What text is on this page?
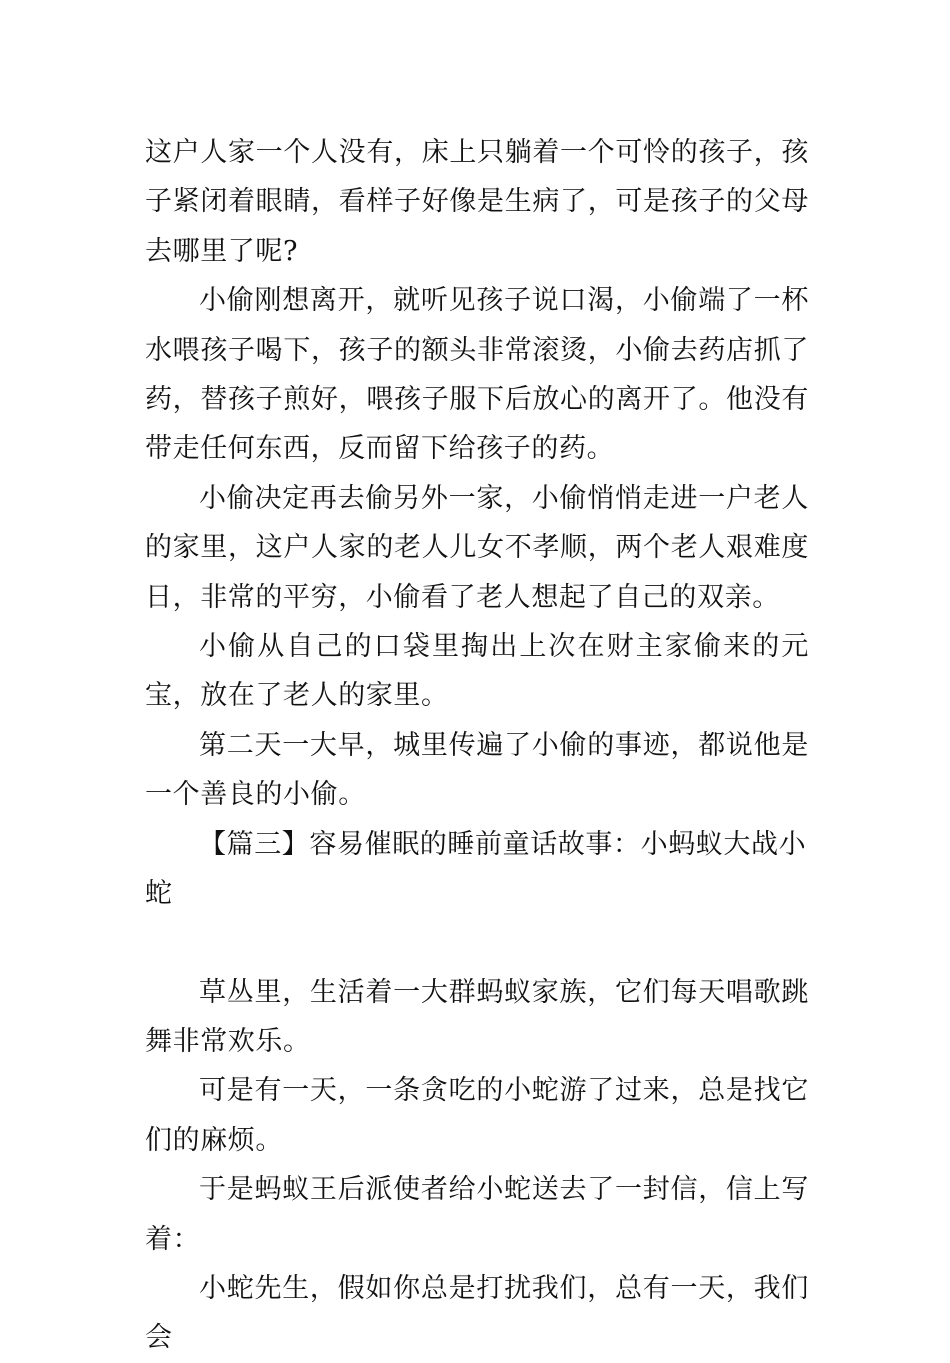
这户人家一个人没有，床上只躺着一个可怜的孩子，孩子紧闭着眼睛，看样子好像是生病了，可是孩子的父母去哪里了呢?

小偷刚想离开，就听见孩子说口渴，小偷端了一杯水喂孩子喝下，孩子的额头非常滚烫，小偷去药店抓了药，替孩子煎好，喂孩子服下后放心的离开了。他没有带走任何东西，反而留下给孩子的药。

小偷决定再去偷另外一家，小偷悄悄走进一户老人的家里，这户人家的老人儿女不孝顺，两个老人艰难度日，非常的平穷，小偷看了老人想起了自己的双亲。

小偷从自己的口袋里掏出上次在财主家偷来的元宝，放在了老人的家里。

第二天一大早，城里传遍了小偷的事迹，都说他是一个善良的小偷。

【篇三】容易催眠的睡前童话故事：小蚂蚁大战小蛇

草丛里，生活着一大群蚂蚁家族，它们每天唱歌跳舞非常欢乐。

可是有一天，一条贪吃的小蛇游了过来，总是找它们的麻烦。

于是蚂蚁王后派使者给小蛇送去了一封信，信上写着：

小蛇先生，假如你总是打扰我们，总有一天，我们会
